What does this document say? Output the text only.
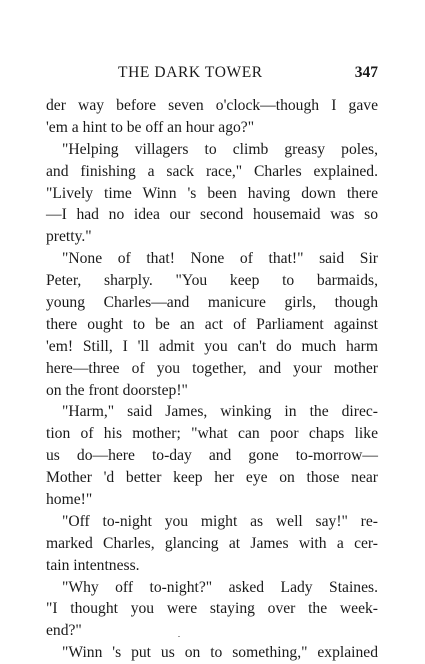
THE DARK TOWER	347
der way before seven o'clock—though I gave
'em a hint to be off an hour ago?"
"Helping villagers to climb greasy poles,
and finishing a sack race," Charles explained.
"Lively time Winn 's been having down there
—I had no idea our second housemaid was so
pretty."
"None of that! None of that!" said Sir
Peter, sharply. "You keep to barmaids,
young Charles—and manicure girls, though
there ought to be an act of Parliament against
'em! Still, I 'll admit you can't do much harm
here—three of you together, and your mother
on the front doorstep!"
"Harm," said James, winking in the direc-
tion of his mother; "what can poor chaps like
us do—here to-day and gone to-morrow—
Mother 'd better keep her eye on those near
home!"
"Off to-night you might as well say!" re-
marked Charles, glancing at James with a cer-
tain intentness.
"Why off to-night?" asked Lady Staines.
"I thought you were staying over the week-
end?"
"Winn 's put us on to something," explained
